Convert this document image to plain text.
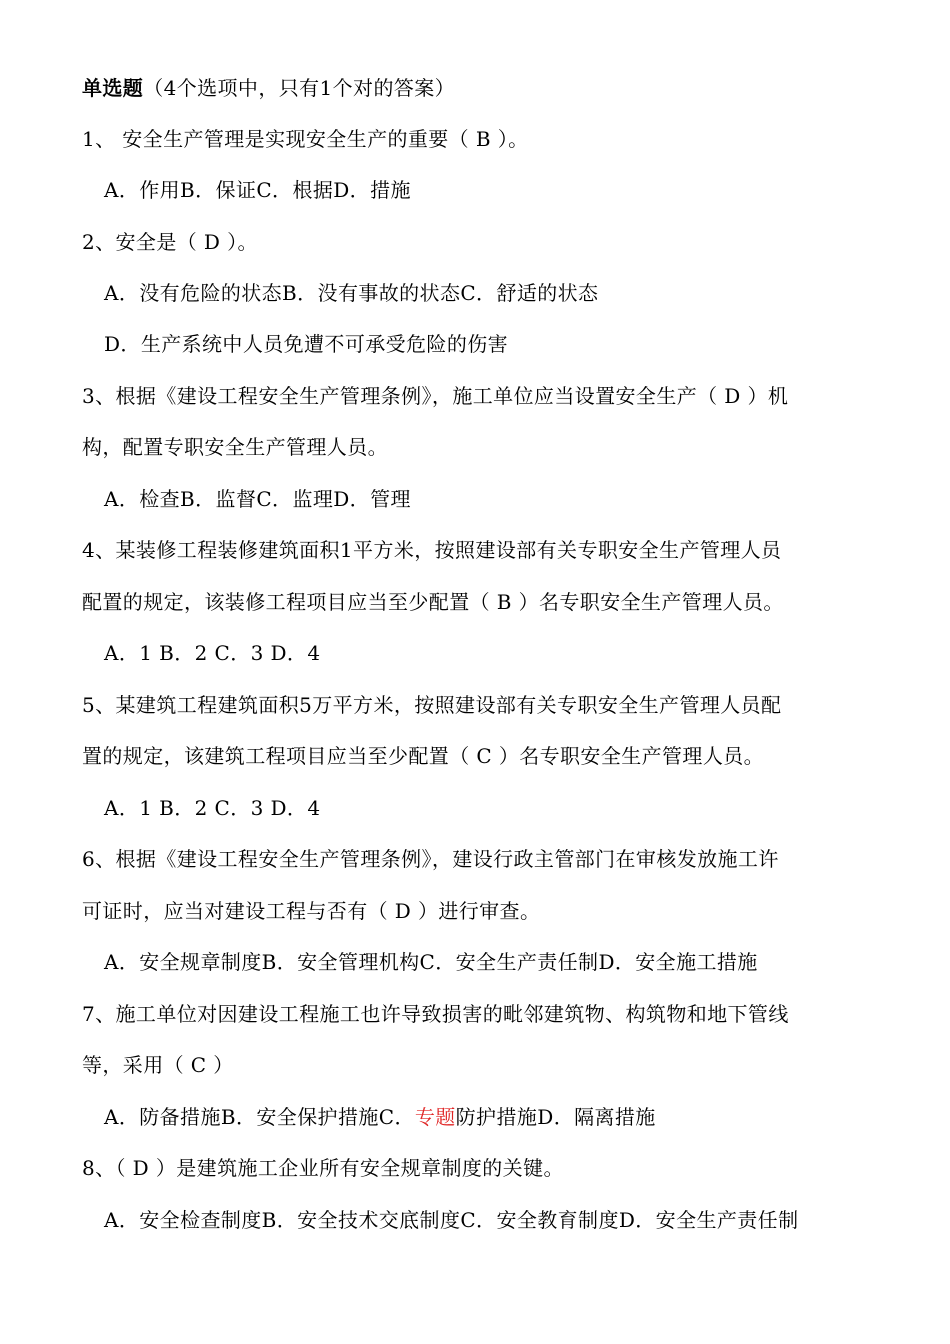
单选题（4个选项中，只有1个对的答案）
1、 安全生产管理是实现安全生产的重要（ B ）。
A．作用B．保证C．根据D．措施
2、安全是（ D ）。
A．没有危险的状态B．没有事故的状态C．舒适的状态
D．生产系统中人员免遭不可承受危险的伤害
3、根据《建设工程安全生产管理条例》，施工单位应当设置安全生产（ D ）机
构，配置专职安全生产管理人员。
A．检查B．监督C．监理D．管理
4、某装修工程装修建筑面积1平方米，按照建设部有关专职安全生产管理人员
配置的规定，该装修工程项目应当至少配置（ B ）名专职安全生产管理人员。
A．1 B．2 C．3 D．4
5、某建筑工程建筑面积5万平方米，按照建设部有关专职安全生产管理人员配
置的规定，该建筑工程项目应当至少配置（ C ）名专职安全生产管理人员。
A．1 B．2 C．3 D．4
6、根据《建设工程安全生产管理条例》，建设行政主管部门在审核发放施工许
可证时，应当对建设工程与否有（ D ）进行审查。
A．安全规章制度B．安全管理机构C．安全生产责任制D．安全施工措施
7、施工单位对因建设工程施工也许导致损害的毗邻建筑物、构筑物和地下管线
等，采用（ C ）
A．防备措施B．安全保护措施C．专题防护措施D．隔离措施
8、（ D ）是建筑施工企业所有安全规章制度的关键。
A．安全检查制度B．安全技术交底制度C．安全教育制度D．安全生产责任制
